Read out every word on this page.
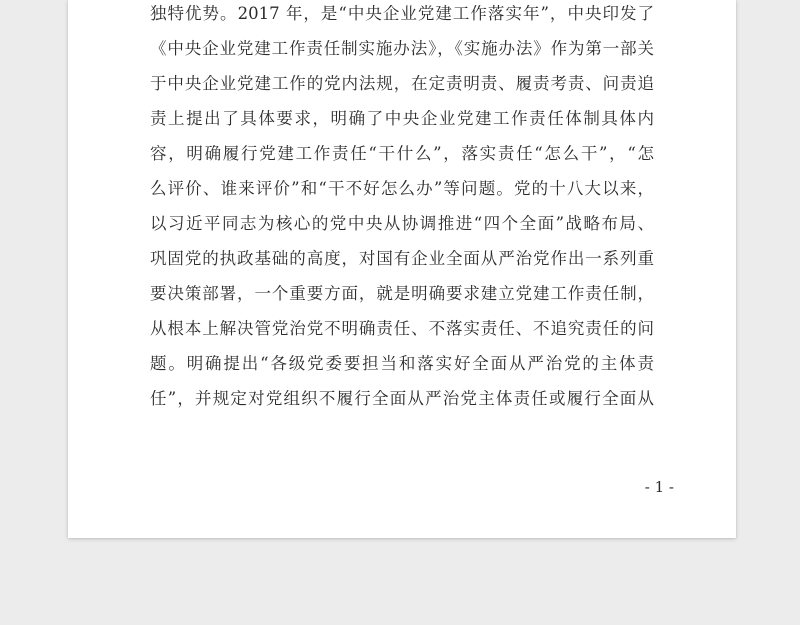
独特优势。2017 年，是“中央企业党建工作落实年”，中央印发了
《中央企业党建工作责任制实施办法》，《实施办法》作为第一部关
于中央企业党建工作的党内法规，在定责明责、履责考责、问责追
责上提出了具体要求，明确了中央企业党建工作责任体制具体内
容，明确履行党建工作责任“干什么”，落实责任“怎么干”，“怎
么评价、谁来评价”和“干不好怎么办”等问题。党的十八大以来，
以习近平同志为核心的党中央从协调推进“四个全面”战略布局、
巩固党的执政基础的高度，对国有企业全面从严治党作出一系列重
要决策部署，一个重要方面，就是明确要求建立党建工作责任制，
从根本上解决管党治党不明确责任、不落实责任、不追究责任的问
题。明确提出“各级党委要担当和落实好全面从严治党的主体责
任”，并规定对党组织不履行全面从严治党主体责任或履行全面从
- 1 -
